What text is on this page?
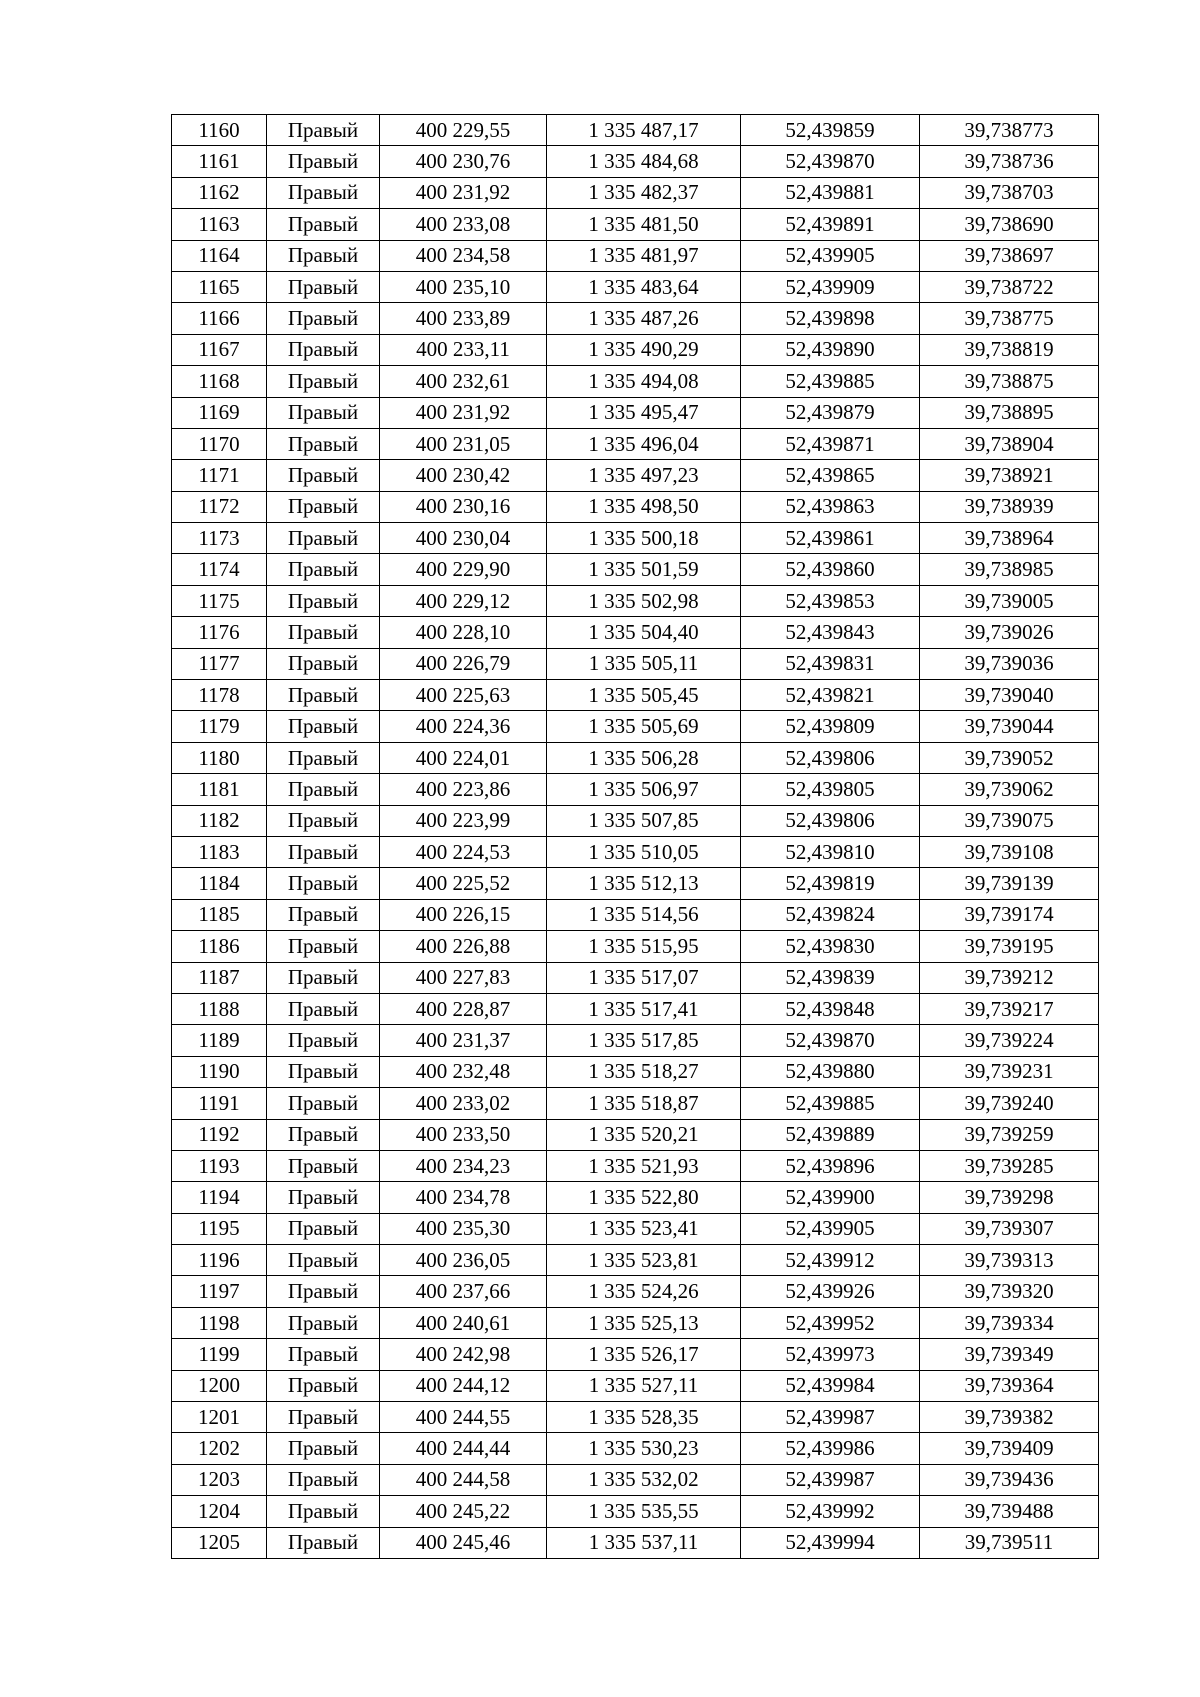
1160	Правый	400 229,55	1 335 487,17	52,439859	39,738773
1161	Правый	400 230,76	1 335 484,68	52,439870	39,738736
1162	Правый	400 231,92	1 335 482,37	52,439881	39,738703
1163	Правый	400 233,08	1 335 481,50	52,439891	39,738690
1164	Правый	400 234,58	1 335 481,97	52,439905	39,738697
1165	Правый	400 235,10	1 335 483,64	52,439909	39,738722
1166	Правый	400 233,89	1 335 487,26	52,439898	39,738775
1167	Правый	400 233,11	1 335 490,29	52,439890	39,738819
1168	Правый	400 232,61	1 335 494,08	52,439885	39,738875
1169	Правый	400 231,92	1 335 495,47	52,439879	39,738895
1170	Правый	400 231,05	1 335 496,04	52,439871	39,738904
1171	Правый	400 230,42	1 335 497,23	52,439865	39,738921
1172	Правый	400 230,16	1 335 498,50	52,439863	39,738939
1173	Правый	400 230,04	1 335 500,18	52,439861	39,738964
1174	Правый	400 229,90	1 335 501,59	52,439860	39,738985
1175	Правый	400 229,12	1 335 502,98	52,439853	39,739005
1176	Правый	400 228,10	1 335 504,40	52,439843	39,739026
1177	Правый	400 226,79	1 335 505,11	52,439831	39,739036
1178	Правый	400 225,63	1 335 505,45	52,439821	39,739040
1179	Правый	400 224,36	1 335 505,69	52,439809	39,739044
1180	Правый	400 224,01	1 335 506,28	52,439806	39,739052
1181	Правый	400 223,86	1 335 506,97	52,439805	39,739062
1182	Правый	400 223,99	1 335 507,85	52,439806	39,739075
1183	Правый	400 224,53	1 335 510,05	52,439810	39,739108
1184	Правый	400 225,52	1 335 512,13	52,439819	39,739139
1185	Правый	400 226,15	1 335 514,56	52,439824	39,739174
1186	Правый	400 226,88	1 335 515,95	52,439830	39,739195
1187	Правый	400 227,83	1 335 517,07	52,439839	39,739212
1188	Правый	400 228,87	1 335 517,41	52,439848	39,739217
1189	Правый	400 231,37	1 335 517,85	52,439870	39,739224
1190	Правый	400 232,48	1 335 518,27	52,439880	39,739231
1191	Правый	400 233,02	1 335 518,87	52,439885	39,739240
1192	Правый	400 233,50	1 335 520,21	52,439889	39,739259
1193	Правый	400 234,23	1 335 521,93	52,439896	39,739285
1194	Правый	400 234,78	1 335 522,80	52,439900	39,739298
1195	Правый	400 235,30	1 335 523,41	52,439905	39,739307
1196	Правый	400 236,05	1 335 523,81	52,439912	39,739313
1197	Правый	400 237,66	1 335 524,26	52,439926	39,739320
1198	Правый	400 240,61	1 335 525,13	52,439952	39,739334
1199	Правый	400 242,98	1 335 526,17	52,439973	39,739349
1200	Правый	400 244,12	1 335 527,11	52,439984	39,739364
1201	Правый	400 244,55	1 335 528,35	52,439987	39,739382
1202	Правый	400 244,44	1 335 530,23	52,439986	39,739409
1203	Правый	400 244,58	1 335 532,02	52,439987	39,739436
1204	Правый	400 245,22	1 335 535,55	52,439992	39,739488
1205	Правый	400 245,46	1 335 537,11	52,439994	39,739511
